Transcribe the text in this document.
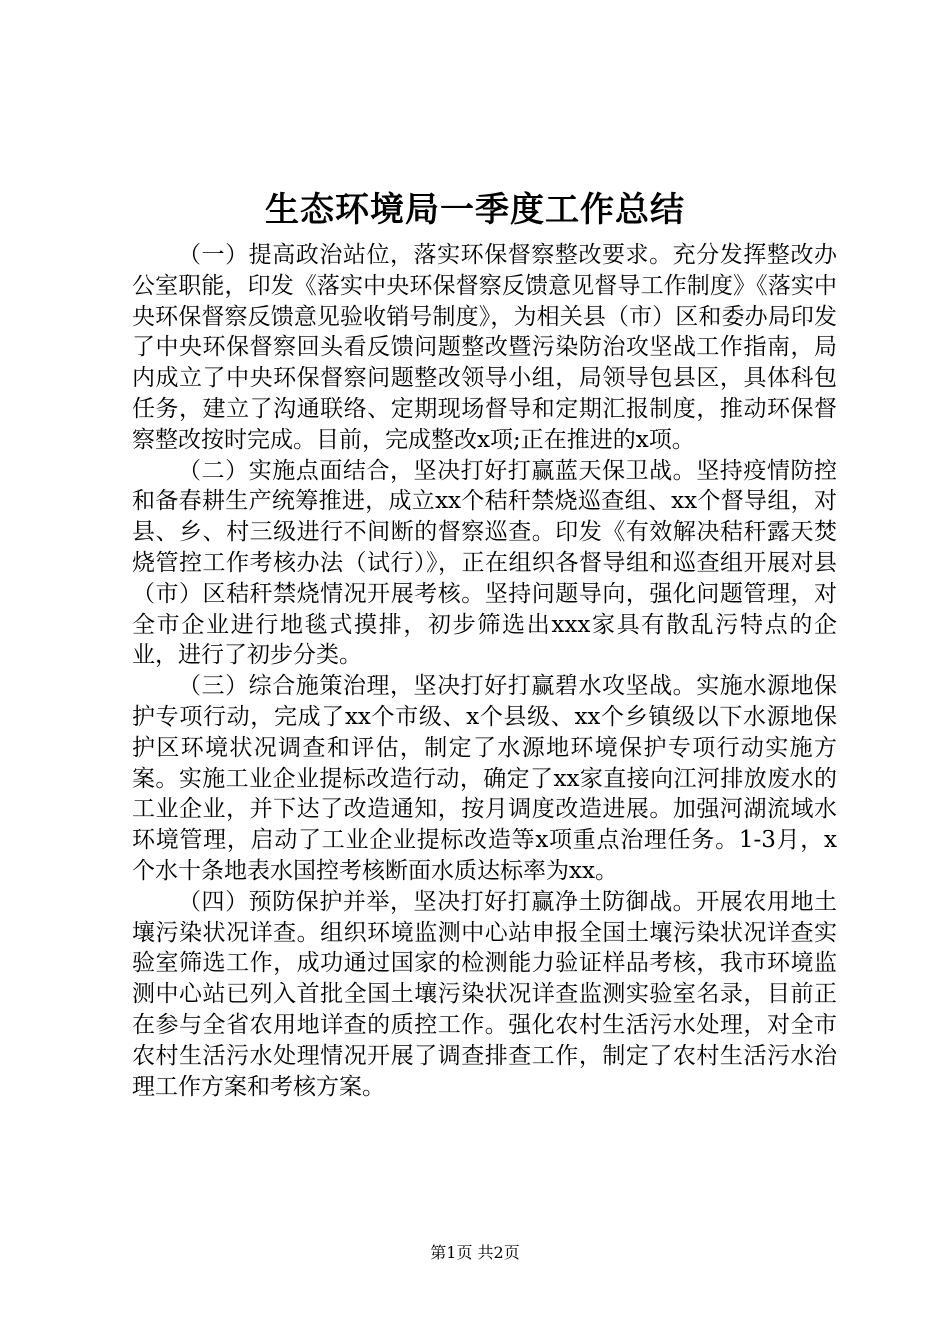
生态环境局一季度工作总结

（一）提高政治站位，落实环保督察整改要求。充分发挥整改办公室职能，印发《落实中央环保督察反馈意见督导工作制度》《落实中央环保督察反馈意见验收销号制度》，为相关县（市）区和委办局印发了中央环保督察回头看反馈问题整改暨污染防治攻坚战工作指南，局内成立了中央环保督察问题整改领导小组，局领导包县区，具体科包任务，建立了沟通联络、定期现场督导和定期汇报制度，推动环保督察整改按时完成。目前，完成整改x项;正在推进的x项。

（二）实施点面结合，坚决打好打赢蓝天保卫战。坚持疫情防控和备春耕生产统筹推进，成立xx个秸秆禁烧巡查组、xx个督导组，对县、乡、村三级进行不间断的督察巡查。印发《有效解决秸秆露天焚烧管控工作考核办法（试行）》，正在组织各督导组和巡查组开展对县（市）区秸秆禁烧情况开展考核。坚持问题导向，强化问题管理，对全市企业进行地毯式摸排，初步筛选出xxx家具有散乱污特点的企业，进行了初步分类。

（三）综合施策治理，坚决打好打赢碧水攻坚战。实施水源地保护专项行动，完成了xx个市级、x个县级、xx个乡镇级以下水源地保护区环境状况调查和评估，制定了水源地环境保护专项行动实施方案。实施工业企业提标改造行动，确定了xx家直接向江河排放废水的工业企业，并下达了改造通知，按月调度改造进展。加强河湖流域水环境管理，启动了工业企业提标改造等x项重点治理任务。1-3月，x个水十条地表水国控考核断面水质达标率为xx。

（四）预防保护并举，坚决打好打赢净土防御战。开展农用地土壤污染状况详查。组织环境监测中心站申报全国土壤污染状况详查实验室筛选工作，成功通过国家的检测能力验证样品考核，我市环境监测中心站已列入首批全国土壤污染状况详查监测实验室名录，目前正在参与全省农用地详查的质控工作。强化农村生活污水处理，对全市农村生活污水处理情况开展了调查排查工作，制定了农村生活污水治理工作方案和考核方案。

第1页 共2页
